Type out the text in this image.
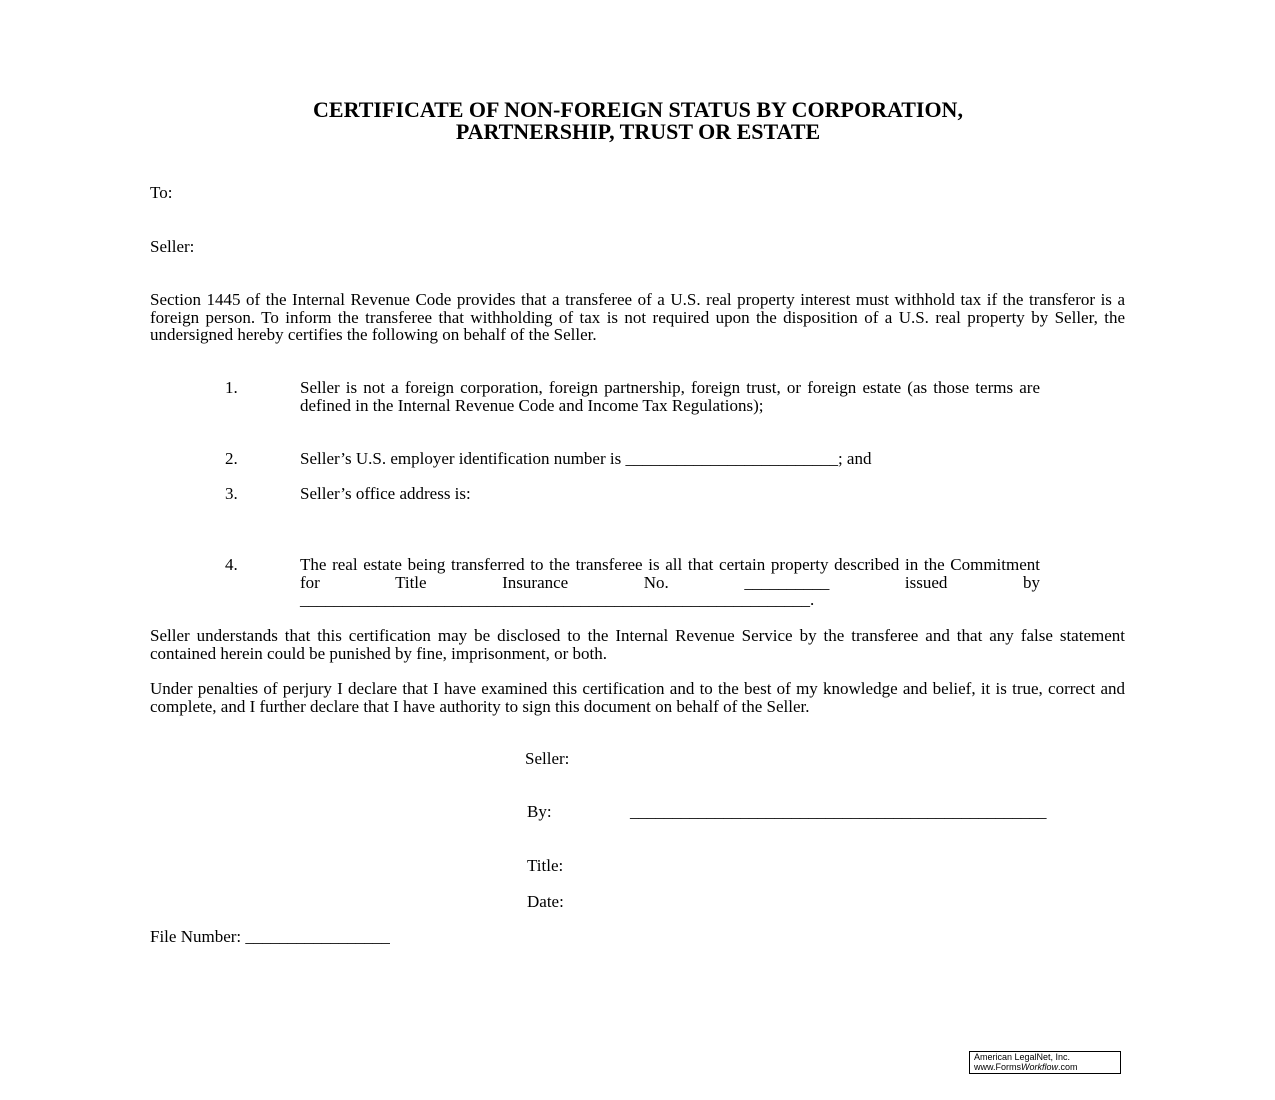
CERTIFICATE OF NON-FOREIGN STATUS BY CORPORATION,
PARTNERSHIP, TRUST OR ESTATE

To:

Seller:

Section 1445 of the Internal Revenue Code provides that a transferee of a U.S. real property interest must withhold tax if the transferor is a foreign person. To inform the transferee that withholding of tax is not required upon the disposition of a U.S. real property by Seller, the undersigned hereby certifies the following on behalf of the Seller.

1.	Seller is not a foreign corporation, foreign partnership, foreign trust, or foreign estate (as those terms are defined in the Internal Revenue Code and Income Tax Regulations);

2.	Seller’s U.S. employer identification number is _________________________; and

3.	Seller’s office address is:

4.	The real estate being transferred to the transferee is all that certain property described in the Commitment for Title Insurance No. __________ issued by ____________________________________________________________.

Seller understands that this certification may be disclosed to the Internal Revenue Service by the transferee and that any false statement contained herein could be punished by fine, imprisonment, or both.

Under penalties of perjury I declare that I have examined this certification and to the best of my knowledge and belief, it is true, correct and complete, and I further declare that I have authority to sign this document on behalf of the Seller.

Seller:

By:	_________________________________________________

Title:

Date:

File Number: _________________

American LegalNet, Inc.
www.FormsWorkflow.com
